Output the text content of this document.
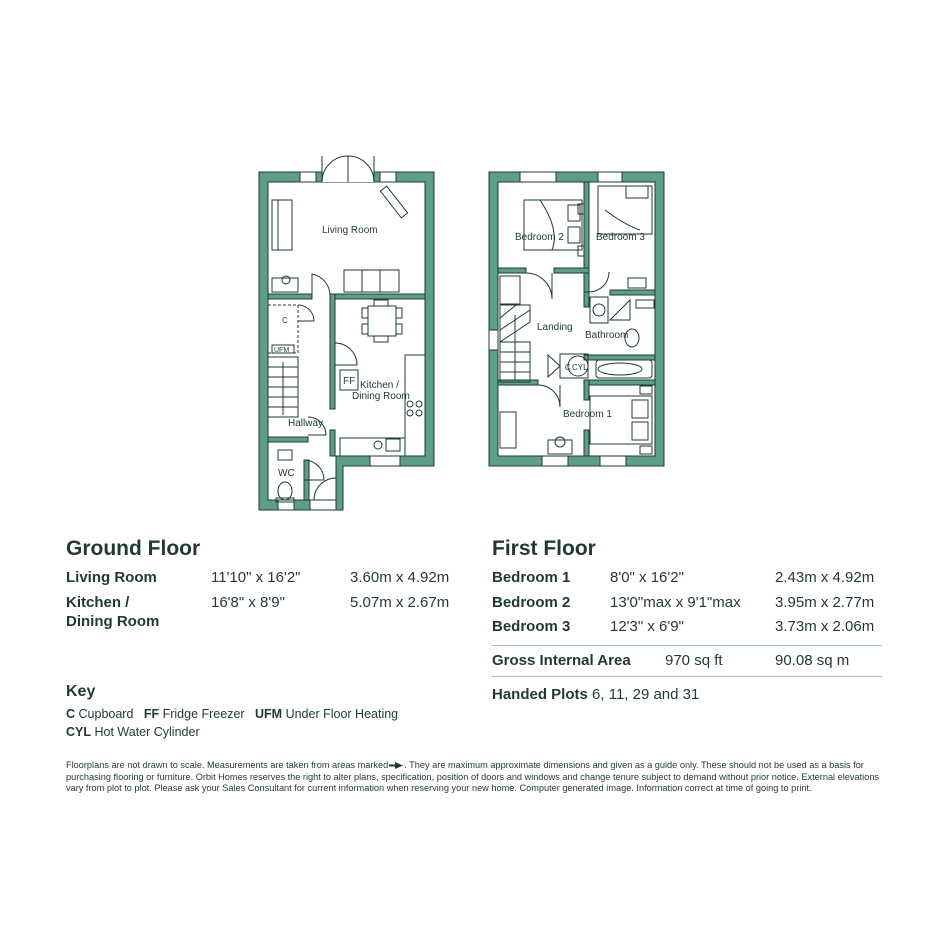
Living Room
Kitchen /
Dining Room
Hallway
WC
FF
C
UFM
Bedroom 2	Bedroom 3
Landing
Bathroom
Bedroom 1
C CYL
Ground Floor
Living Room	11'10" x 16'2"	3.60m x 4.92m
Kitchen /
Dining Room
16'8" x 8'9"	5.07m x 2.67m
First Floor
Bedroom 1	8'0" x 16'2"	2.43m x 4.92m
Bedroom 2	13'0"max x 9'1"max 3.95m x 2.77m
Bedroom 3	12'3" x 6'9"	3.73m x 2.06m
Gross Internal Area 970 sq ft	90.08 sq m
Handed Plots 6, 11, 29 and 31
Key
C Cupboard FF Fridge Freezer UFM Under Floor Heating
CYL Hot Water Cylinder
Floorplans are not drawn to scale. Measurements are taken from areas marked . They are maximum approximate dimensions and given as a guide only. These should not be used as a basis for purchasing flooring or furniture. Orbit Homes reserves the right to alter plans, specification, position of doors and windows and change tenure subject to demand without prior notice. External elevations vary from plot to plot. Please ask your Sales Consultant for current information when reserving your new home. Computer generated image. Information correct at time of going to print.
